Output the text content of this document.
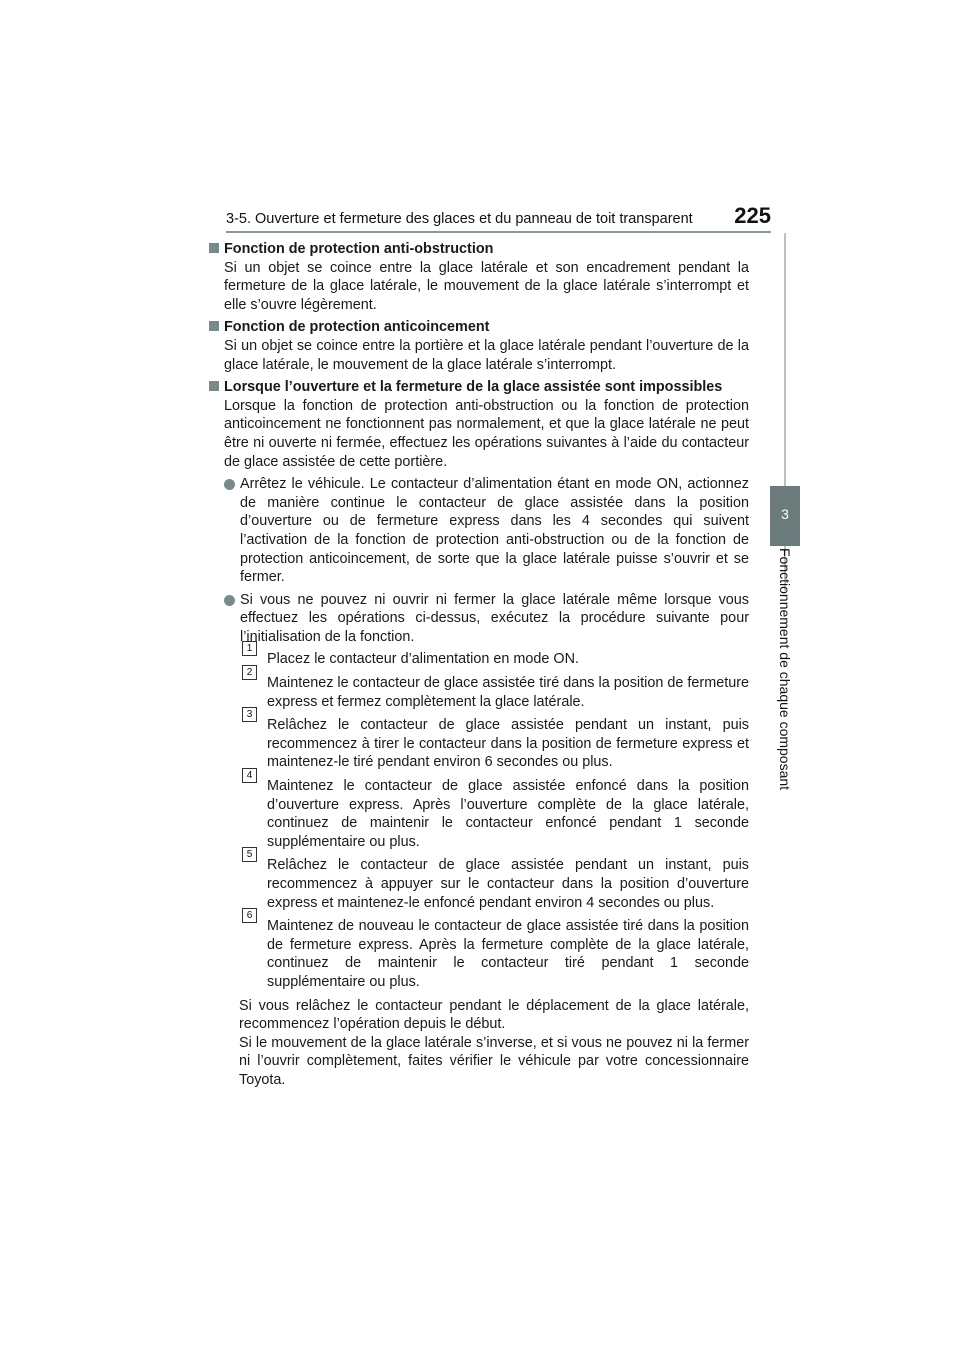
3-5. Ouverture et fermeture des glaces et du panneau de toit transparent 225
3
Fonctionnement de chaque composant
Fonction de protection anti-obstruction
Si un objet se coince entre la glace latérale et son encadrement pendant la fermeture de la glace latérale, le mouvement de la glace latérale s’interrompt et elle s’ouvre légèrement.
Fonction de protection anticoincement
Si un objet se coince entre la portière et la glace latérale pendant l’ouverture de la glace latérale, le mouvement de la glace latérale s’interrompt.
Lorsque l’ouverture et la fermeture de la glace assistée sont impossibles
Lorsque la fonction de protection anti-obstruction ou la fonction de protection anticoincement ne fonctionnent pas normalement, et que la glace latérale ne peut être ni ouverte ni fermée, effectuez les opérations suivantes à l’aide du contacteur de glace assistée de cette portière.
Arrêtez le véhicule. Le contacteur d’alimentation étant en mode ON, actionnez de manière continue le contacteur de glace assistée dans la position d’ouverture ou de fermeture express dans les 4 secondes qui suivent l’activation de la fonction de protection anti-obstruction ou de la fonction de protection anticoincement, de sorte que la glace latérale puisse s’ouvrir et se fermer.
Si vous ne pouvez ni ouvrir ni fermer la glace latérale même lorsque vous effectuez les opérations ci-dessus, exécutez la procédure suivante pour l’initialisation de la fonction.
1
Placez le contacteur d’alimentation en mode ON.
2
Maintenez le contacteur de glace assistée tiré dans la position de fermeture express et fermez complètement la glace latérale.
3
Relâchez le contacteur de glace assistée pendant un instant, puis recommencez à tirer le contacteur dans la position de fermeture express et maintenez-le tiré pendant environ 6 secondes ou plus.
4
Maintenez le contacteur de glace assistée enfoncé dans la position d’ouverture express. Après l’ouverture complète de la glace latérale, continuez de maintenir le contacteur enfoncé pendant 1 seconde supplémentaire ou plus.
5
Relâchez le contacteur de glace assistée pendant un instant, puis recommencez à appuyer sur le contacteur dans la position d’ouverture express et maintenez-le enfoncé pendant environ 4 secondes ou plus.
6
Maintenez de nouveau le contacteur de glace assistée tiré dans la position de fermeture express. Après la fermeture complète de la glace latérale, continuez de maintenir le contacteur tiré pendant 1 seconde supplémentaire ou plus.

Si vous relâchez le contacteur pendant le déplacement de la glace latérale, recommencez l’opération depuis le début.

Si le mouvement de la glace latérale s’inverse, et si vous ne pouvez ni la fermer ni l’ouvrir complètement, faites vérifier le véhicule par votre concessionnaire Toyota.
